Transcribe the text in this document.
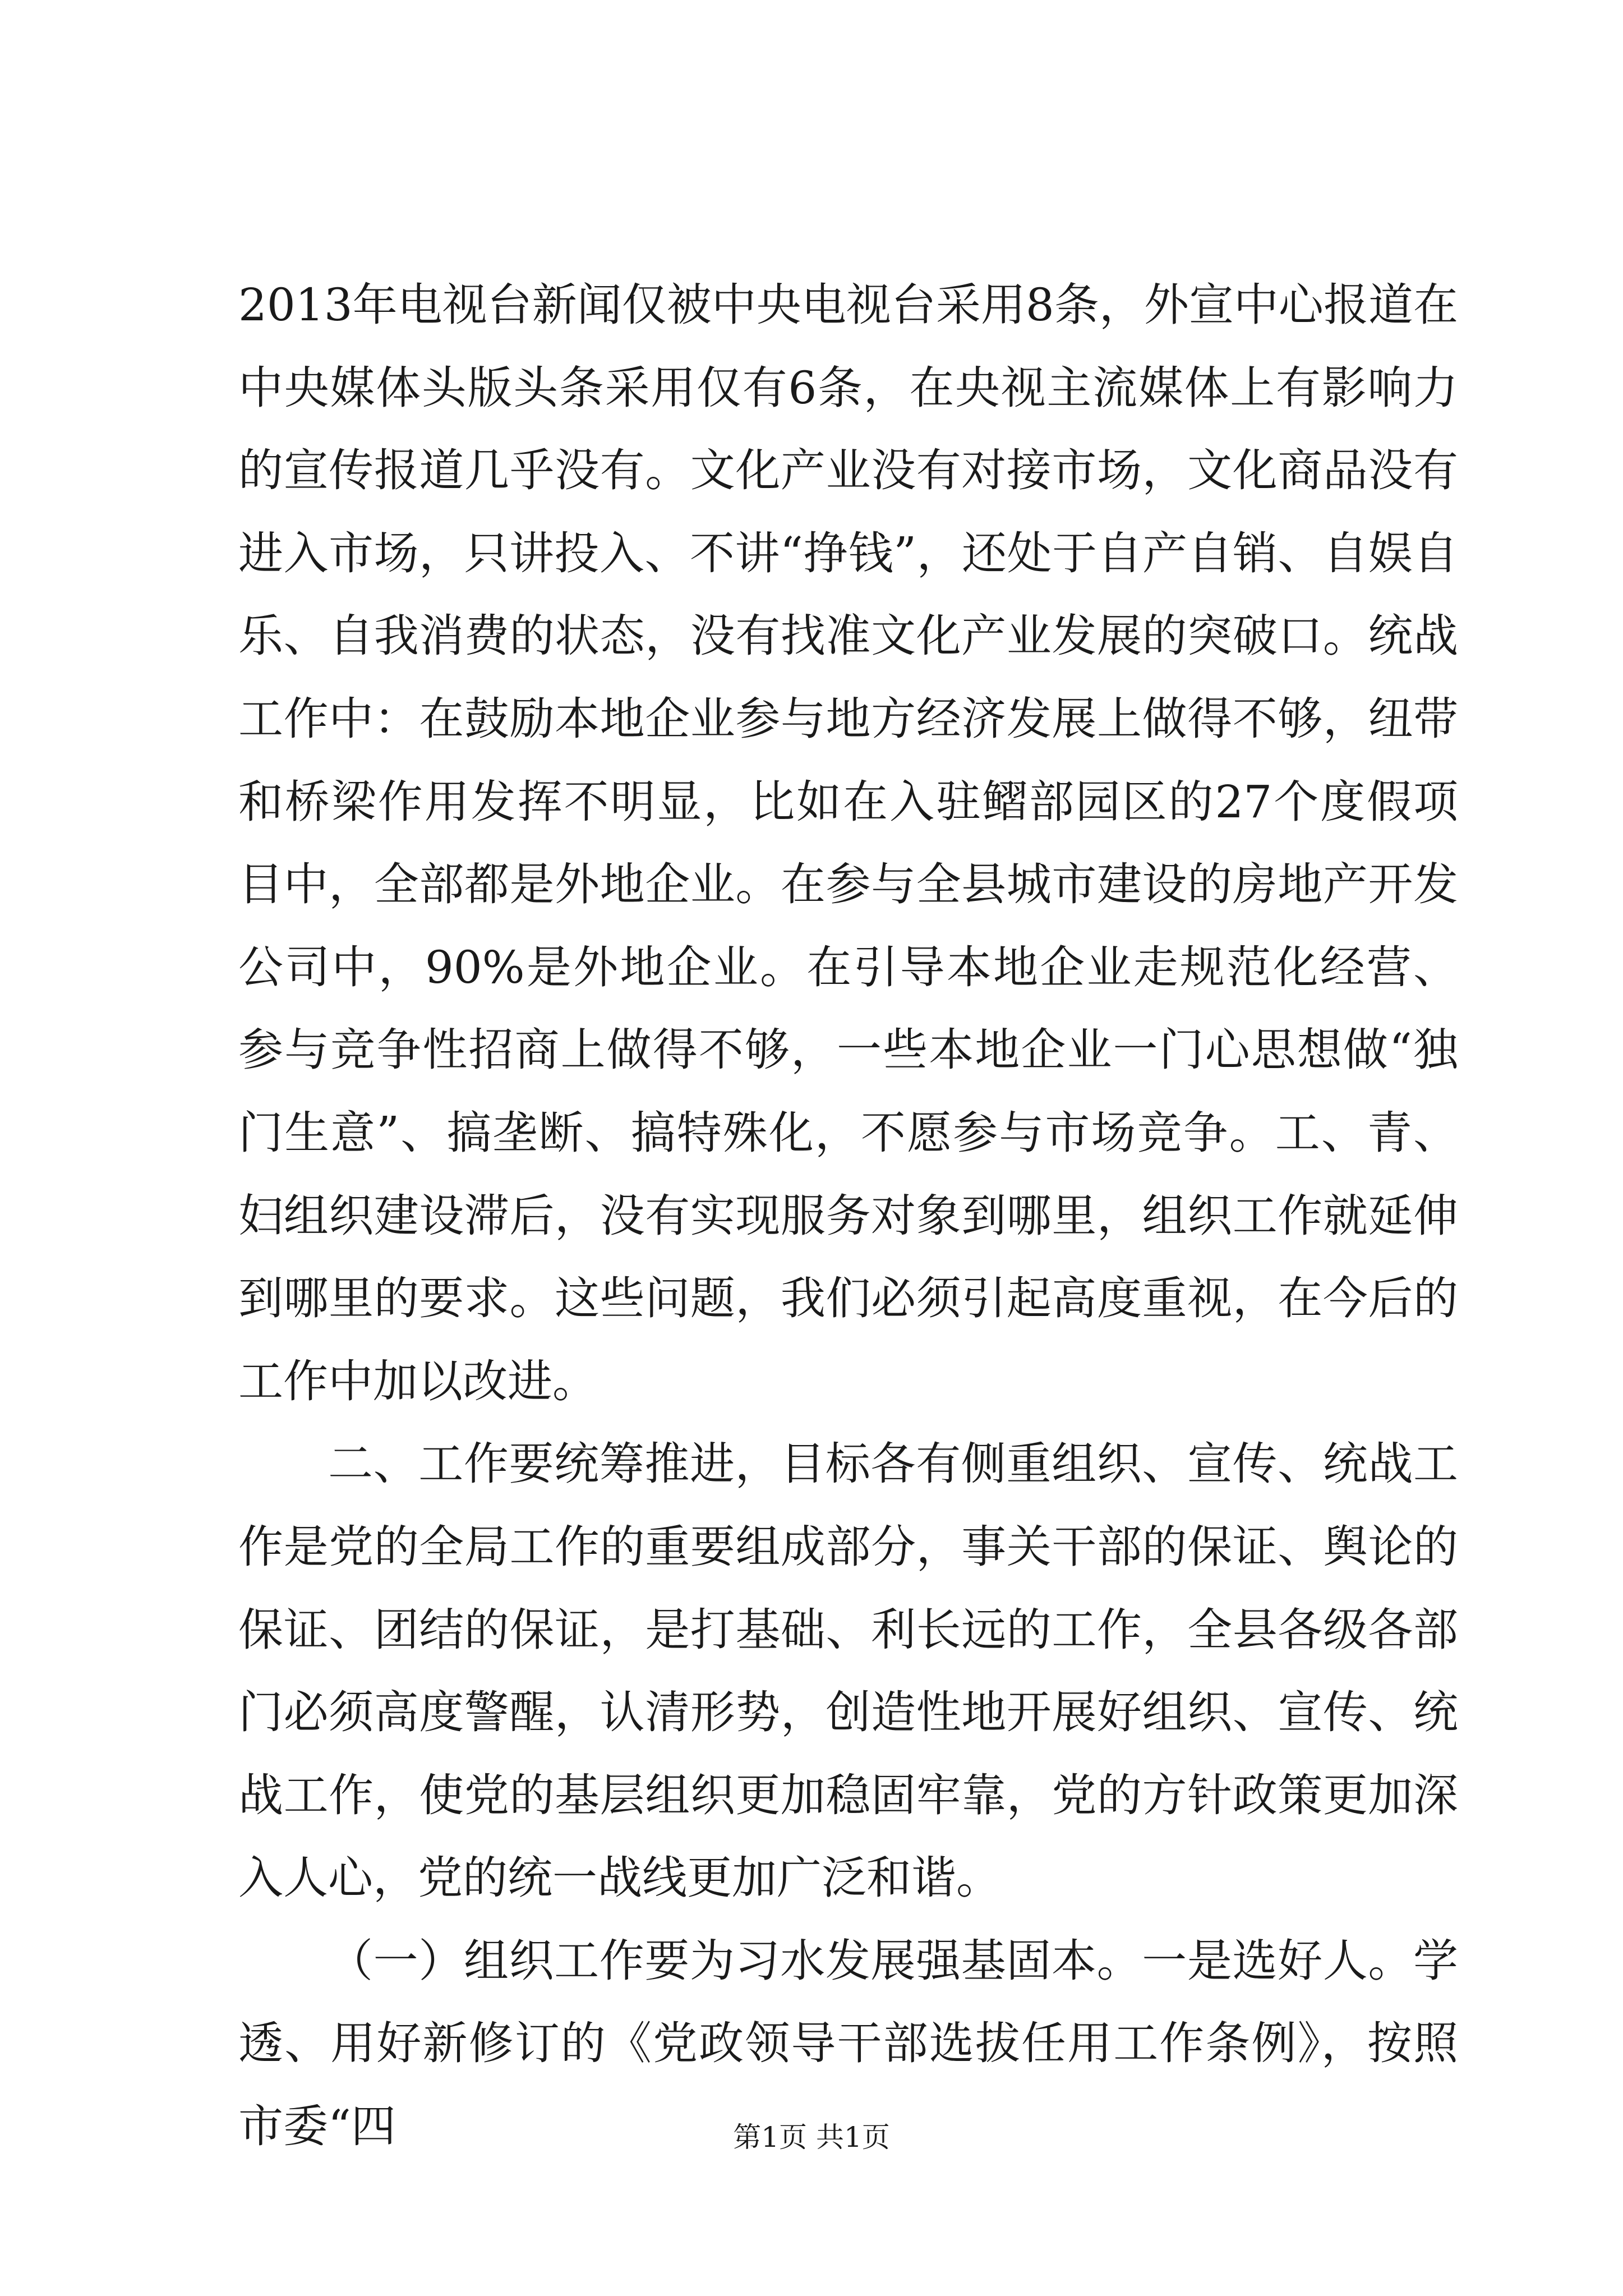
2013年电视台新闻仅被中央电视台采用8条，外宣中心报道在中央媒体头版头条采用仅有6条，在央视主流媒体上有影响力的宣传报道几乎没有。文化产业没有对接市场，文化商品没有进入市场，只讲投入、不讲“挣钱”，还处于自产自销、自娱自乐、自我消费的状态，没有找准文化产业发展的突破口。统战工作中：在鼓励本地企业参与地方经济发展上做得不够，纽带和桥梁作用发挥不明显，比如在入驻鳛部园区的27个度假项目中，全部都是外地企业。在参与全县城市建设的房地产开发公司中，90%是外地企业。在引导本地企业走规范化经营、参与竞争性招商上做得不够，一些本地企业一门心思想做“独门生意”、搞垄断、搞特殊化，不愿参与市场竞争。工、青、妇组织建设滞后，没有实现服务对象到哪里，组织工作就延伸到哪里的要求。这些问题，我们必须引起高度重视，在今后的工作中加以改进。

二、工作要统筹推进，目标各有侧重组织、宣传、统战工作是党的全局工作的重要组成部分，事关干部的保证、舆论的保证、团结的保证，是打基础、利长远的工作，全县各级各部门必须高度警醒，认清形势，创造性地开展好组织、宣传、统战工作，使党的基层组织更加稳固牢靠，党的方针政策更加深入人心，党的统一战线更加广泛和谐。

（一）组织工作要为习水发展强基固本。一是选好人。学透、用好新修订的《党政领导干部选拔任用工作条例》，按照市委“四	第1页 共1页
